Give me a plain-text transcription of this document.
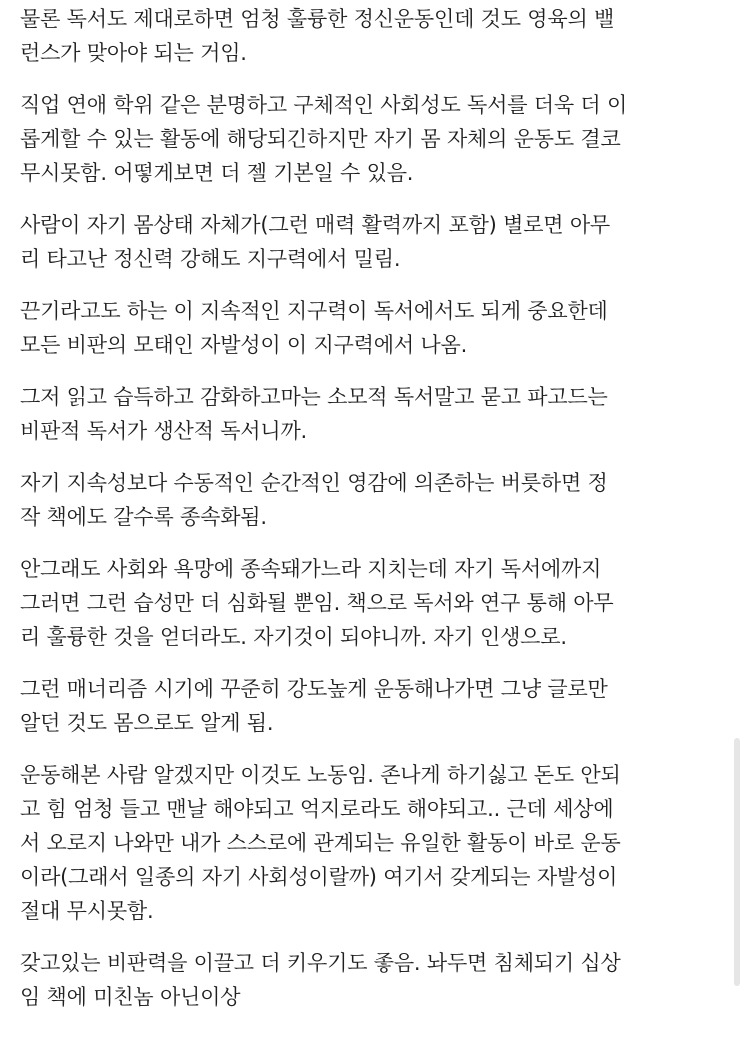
물론 독서도 제대로하면 엄청 훌륭한 정신운동인데 것도 영육의 밸
런스가 맞아야 되는 거임.
직업 연애 학위 같은 분명하고 구체적인 사회성도 독서를 더욱 더 이
롭게할 수 있는 활동에 해당되긴하지만 자기 몸 자체의 운동도 결코
무시못함. 어떻게보면 더 젤 기본일 수 있음.
사람이 자기 몸상태 자체가(그런 매력 활력까지 포함) 별로면 아무
리 타고난 정신력 강해도 지구력에서 밀림.
끈기라고도 하는 이 지속적인 지구력이 독서에서도 되게 중요한데
모든 비판의 모태인 자발성이 이 지구력에서 나옴.
그저 읽고 습득하고 감화하고마는 소모적 독서말고 묻고 파고드는
비판적 독서가 생산적 독서니까.
자기 지속성보다 수동적인 순간적인 영감에 의존하는 버릇하면 정
작 책에도 갈수록 종속화됨.
안그래도 사회와 욕망에 종속돼가느라 지치는데 자기 독서에까지
그러면 그런 습성만 더 심화될 뿐임. 책으로 독서와 연구 통해 아무
리 훌륭한 것을 얻더라도. 자기것이 되야니까. 자기 인생으로.
그런 매너리즘 시기에 꾸준히 강도높게 운동해나가면 그냥 글로만
알던 것도 몸으로도 알게 됨.
운동해본 사람 알겠지만 이것도 노동임. 존나게 하기싫고 돈도 안되
고 힘 엄청 들고 맨날 해야되고 억지로라도 해야되고.. 근데 세상에
서 오로지 나와만 내가 스스로에 관계되는 유일한 활동이 바로 운동
이라(그래서 일종의 자기 사회성이랄까) 여기서 갖게되는 자발성이
절대 무시못함.
갖고있는 비판력을 이끌고 더 키우기도 좋음. 놔두면 침체되기 십상
임 책에 미친놈 아닌이상
